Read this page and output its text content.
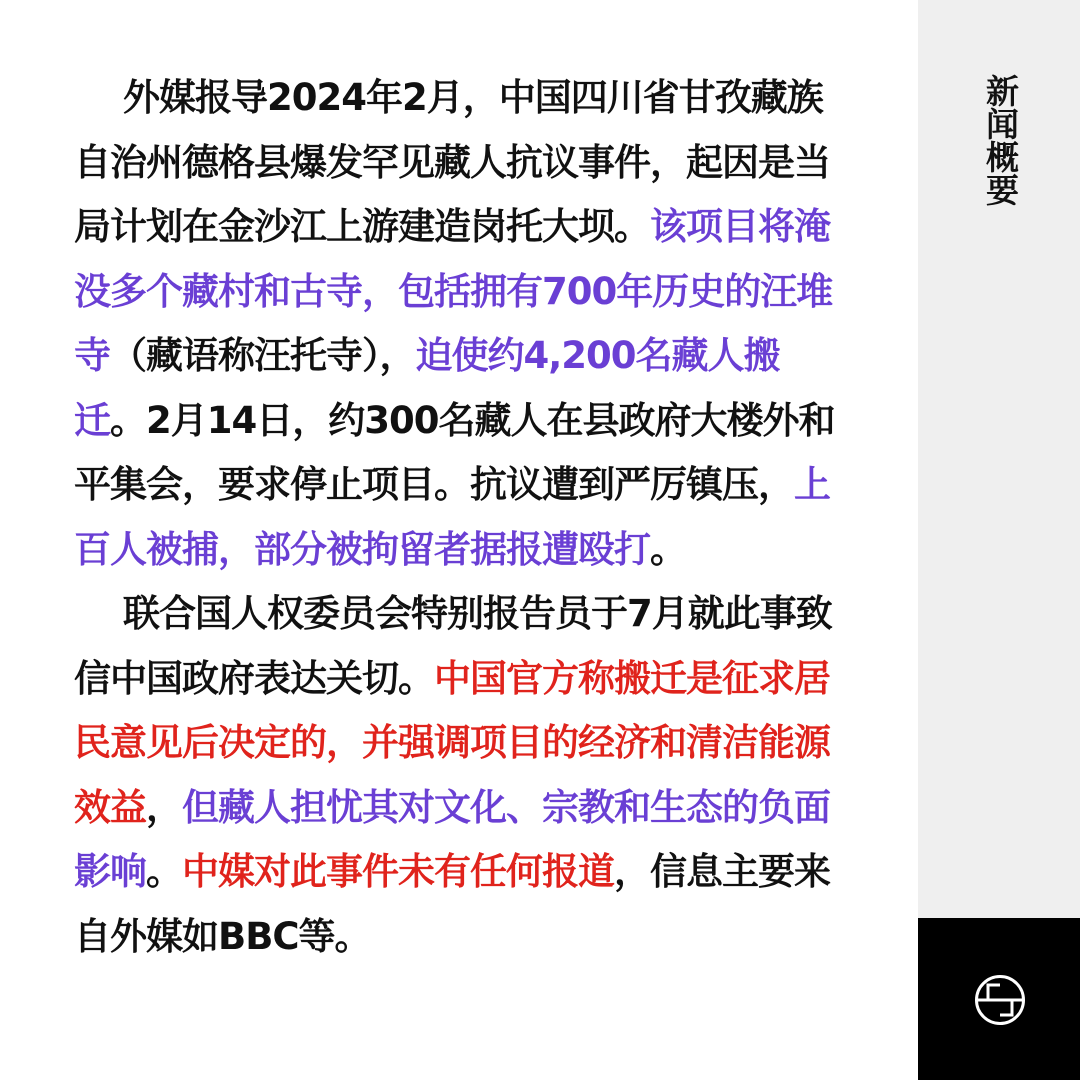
外媒报导2024年2月，中国四川省甘孜藏族自治州德格县爆发罕见藏人抗议事件，起因是当局计划在金沙江上游建造岗托大坝。该项目将淹没多个藏村和古寺，包括拥有700年历史的汪堆寺（藏语称汪托寺），迫使约4,200名藏人搬迁。2月14日，约300名藏人在县政府大楼外和平集会，要求停止项目。抗议遭到严厉镇压，上百人被捕，部分被拘留者据报遭殴打。

联合国人权委员会特别报告员于7月就此事致信中国政府表达关切。中国官方称搬迁是征求居民意见后决定的，并强调项目的经济和清洁能源效益，但藏人担忧其对文化、宗教和生态的负面影响。中媒对此事件未有任何报道，信息主要来自外媒如BBC等。

新闻概要
